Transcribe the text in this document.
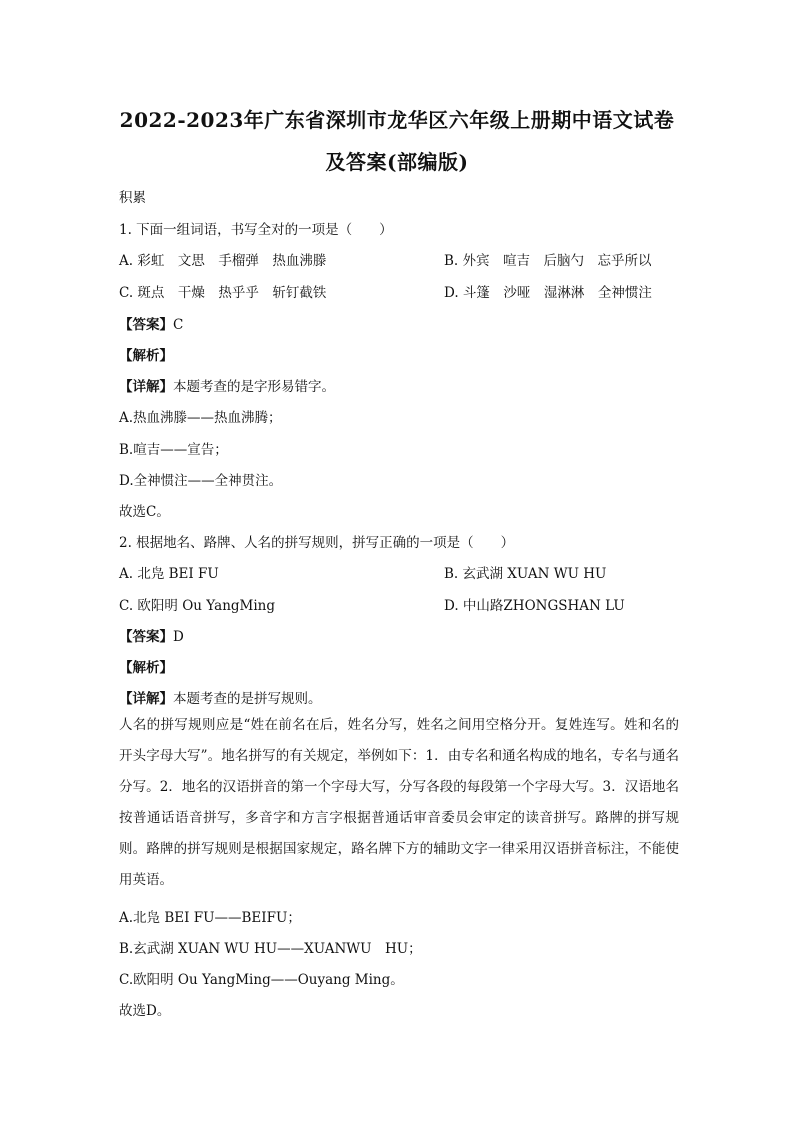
2022-2023年广东省深圳市龙华区六年级上册期中语文试卷
及答案(部编版)
积累
1. 下面一组词语，书写全对的一项是（　　）
A. 彩虹　文思　手榴弹　热血沸滕	B. 外宾　喧吉　后脑勺　忘乎所以
C. 斑点　干燥　热乎乎　斩钉截铁	D. 斗篷　沙哑　湿淋淋　全神惯注
【答案】C
【解析】
【详解】本题考查的是字形易错字。
A.热血沸滕——热血沸腾；
B.喧吉——宣告；
D.全神惯注——全神贯注。
故选C。
2. 根据地名、路牌、人名的拼写规则，拼写正确的一项是（　　）
A. 北凫 BEI FU	B. 玄武湖 XUAN WU HU
C. 欧阳明 Ou YangMing	D. 中山路ZHONGSHAN LU
【答案】D
【解析】
【详解】本题考查的是拼写规则。
人名的拼写规则应是“姓在前名在后，姓名分写，姓名之间用空格分开。复姓连写。姓和名的开头字母大写”。地名拼写的有关规定，举例如下：1．由专名和通名构成的地名，专名与通名分写。2．地名的汉语拼音的第一个字母大写，分写各段的每段第一个字母大写。3．汉语地名按普通话语音拼写，多音字和方言字根据普通话审音委员会审定的读音拼写。路牌的拼写规则。路牌的拼写规则是根据国家规定，路名牌下方的辅助文字一律采用汉语拼音标注，不能使用英语。
A.北凫 BEI FU——BEIFU；
B.玄武湖 XUAN WU HU——XUANWU　HU；
C.欧阳明 Ou YangMing——Ouyang Ming。
故选D。
